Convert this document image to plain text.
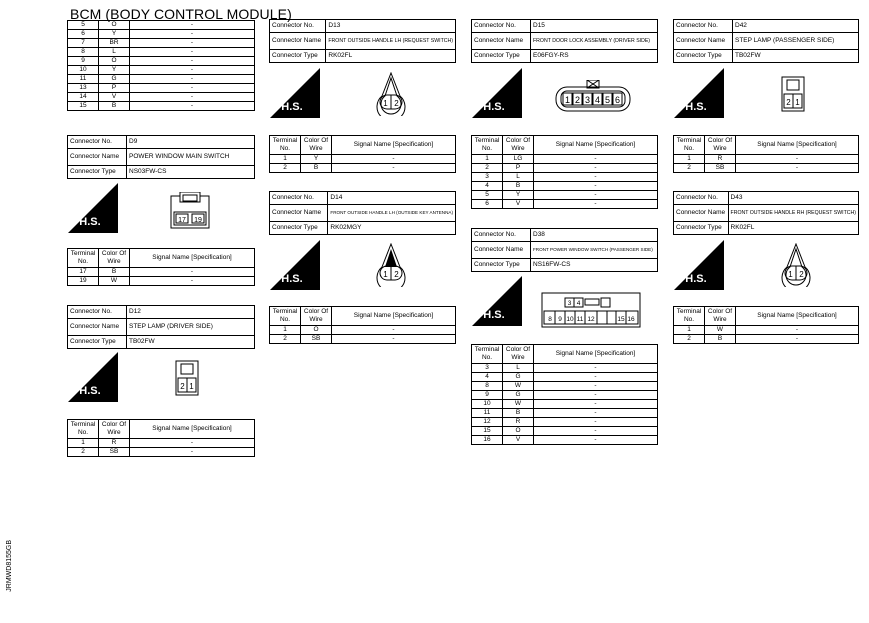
BCM (BODY CONTROL MODULE)
5	O	-
6	Y	-
7	BR	-
8	L	-
9	O	-
10	Y	-
11	G	-
13	P	-
14	V	-
15	B	-
Connector No.	D9
Connector Name	POWER WINDOW MAIN SWITCH
Connector Type	NS03FW-CS
H.S.	17 19
Terminal No.	Color Of Wire	Signal Name [Specification]
17	B	-
19	W	-
Connector No.	D12
Connector Name	STEP LAMP (DRIVER SIDE)
Connector Type	TB02FW
H.S.	2 1
Terminal No.	Color Of Wire	Signal Name [Specification]
1	R	-
2	SB	-
Connector No.	D13
Connector Name	FRONT OUTSIDE HANDLE LH (REQUEST SWITCH)
Connector Type	RK02FL
H.S.	1 2
Terminal No.	Color Of Wire	Signal Name [Specification]
1	Y	-
2	B	-
Connector No.	D14
Connector Name	FRONT OUTSIDE HANDLE LH (OUTSIDE KEY ANTENNA)
Connector Type	RK02MGY
H.S.	1 2
Terminal No.	Color Of Wire	Signal Name [Specification]
1	O	-
2	SB	-
Connector No.	D15
Connector Name	FRONT DOOR LOCK ASSEMBLY (DRIVER SIDE)
Connector Type	E06FGY-RS
H.S.
1 2 3 4 5 6
Terminal No.	Color Of Wire	Signal Name [Specification]
1	LG	-
2	P	-
3	L	-
4	B	-
5	Y	-
6	V	-
Connector No.	D38
Connector Name	FRONT POWER WINDOW SWITCH (PASSENGER SIDE)
Connector Type	NS16FW-CS
H.S.
3 4
8 9 10 11 12	15 16
Terminal No.	Color Of Wire	Signal Name [Specification]
3	L	-
4	G	-
8	W	-
9	G	-
10	W	-
11	B	-
12	R	-
15	O	-
16	V	-
Connector No.	D42
Connector Name	STEP LAMP (PASSENGER SIDE)
Connector Type	TB02FW
H.S.	2 1
Terminal No.	Color Of Wire	Signal Name [Specification]
1	R	-
2	SB	-
Connector No.	D43
Connector Name	FRONT OUTSIDE HANDLE RH (REQUEST SWITCH)
Connector Type	RK02FL
H.S.	1 2
Terminal No.	Color Of Wire	Signal Name [Specification]
1	W	-
2	B	-
JRMWD8155GB
